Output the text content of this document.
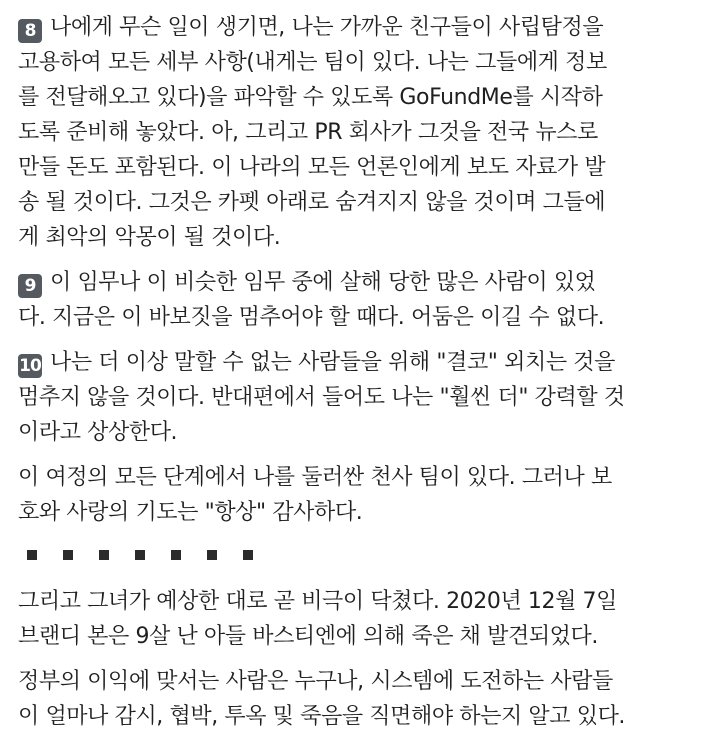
8 나에게 무슨 일이 생기면, 나는 가까운 친구들이 사립탐정을
고용하여 모든 세부 사항(내게는 팀이 있다. 나는 그들에게 정보
를 전달해오고 있다)을 파악할 수 있도록 GoFundMe를 시작하
도록 준비해 놓았다. 아, 그리고 PR 회사가 그것을 전국 뉴스로
만들 돈도 포함된다. 이 나라의 모든 언론인에게 보도 자료가 발
송 될 것이다. 그것은 카펫 아래로 숨겨지지 않을 것이며 그들에
게 최악의 악몽이 될 것이다.
9 이 임무나 이 비슷한 임무 중에 살해 당한 많은 사람이 있었
다. 지금은 이 바보짓을 멈추어야 할 때다. 어둠은 이길 수 없다.
10 나는 더 이상 말할 수 없는 사람들을 위해 "결코" 외치는 것을
멈추지 않을 것이다. 반대편에서 들어도 나는 "훨씬 더" 강력할 것
이라고 상상한다.
이 여정의 모든 단계에서 나를 둘러싼 천사 팀이 있다. 그러나 보
호와 사랑의 기도는 "항상" 감사하다.
그리고 그녀가 예상한 대로 곧 비극이 닥쳤다. 2020년 12월 7일
브랜디 본은 9살 난 아들 바스티엔에 의해 죽은 채 발견되었다.
정부의 이익에 맞서는 사람은 누구나, 시스템에 도전하는 사람들
이 얼마나 감시, 협박, 투옥 및 죽음을 직면해야 하는지 알고 있다.
